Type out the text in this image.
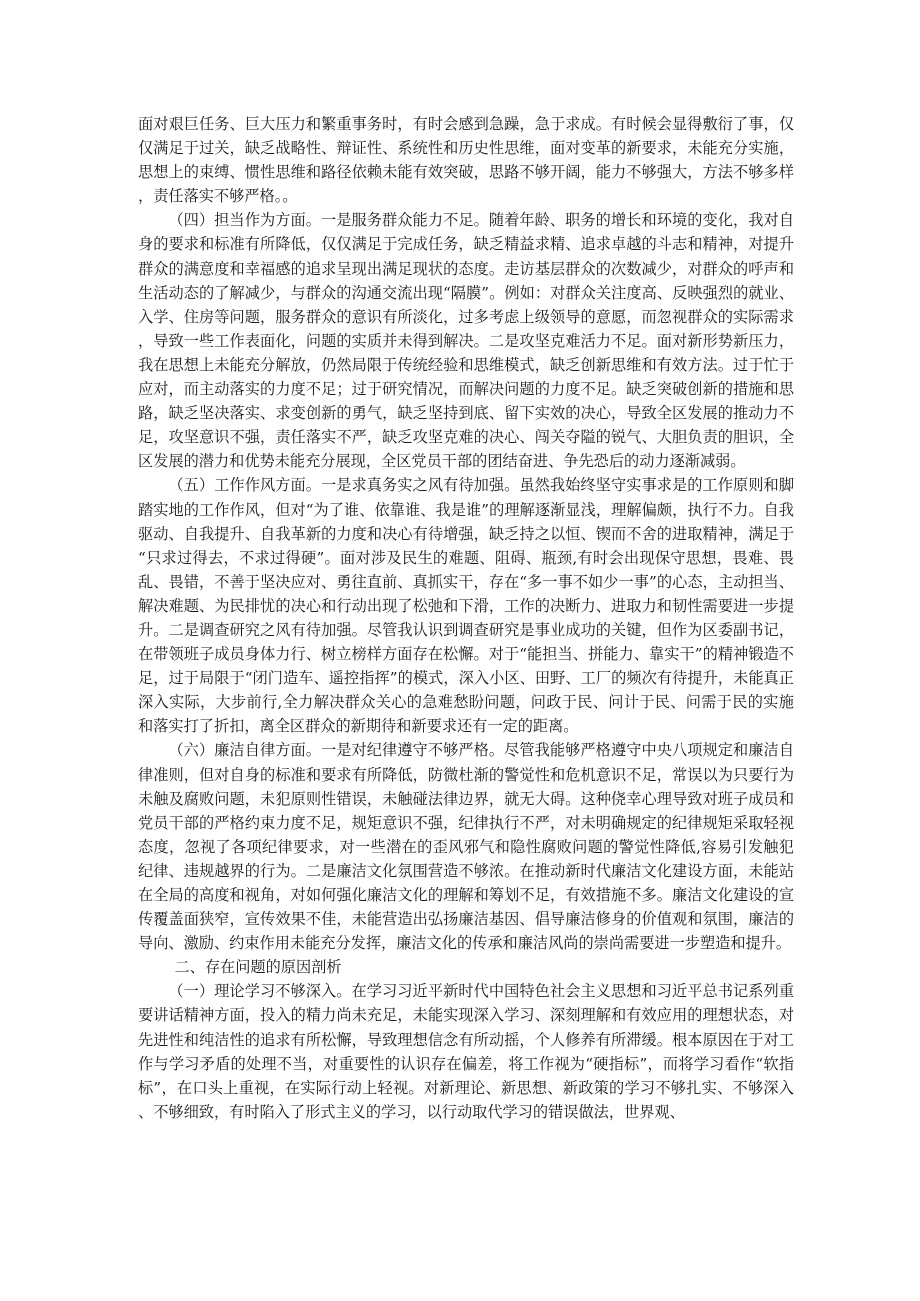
面对艰巨任务、巨大压力和繁重事务时，有时会感到急躁，急于求成。有时候会显得敷衍了事，仅仅满足于过关，缺乏战略性、辩证性、系统性和历史性思维，面对变革的新要求，未能充分实施，思想上的束缚、惯性思维和路径依赖未能有效突破，思路不够开阔，能力不够强大，方法不够多样，责任落实不够严格。。

（四）担当作为方面。一是服务群众能力不足。随着年龄、职务的增长和环境的变化，我对自身的要求和标准有所降低，仅仅满足于完成任务，缺乏精益求精、追求卓越的斗志和精神，对提升群众的满意度和幸福感的追求呈现出满足现状的态度。走访基层群众的次数减少，对群众的呼声和生活动态的了解减少，与群众的沟通交流出现“隔膜”。例如：对群众关注度高、反映强烈的就业、入学、住房等问题，服务群众的意识有所淡化，过多考虑上级领导的意愿，而忽视群众的实际需求，导致一些工作表面化，问题的实质并未得到解决。二是攻坚克难活力不足。面对新形势新压力，我在思想上未能充分解放，仍然局限于传统经验和思维模式，缺乏创新思维和有效方法。过于忙于应对，而主动落实的力度不足；过于研究情况，而解决问题的力度不足。缺乏突破创新的措施和思路，缺乏坚决落实、求变创新的勇气，缺乏坚持到底、留下实效的决心，导致全区发展的推动力不足，攻坚意识不强，责任落实不严，缺乏攻坚克难的决心、闯关夺隘的锐气、大胆负责的胆识，全区发展的潜力和优势未能充分展现，全区党员干部的团结奋进、争先恐后的动力逐渐减弱。

（五）工作作风方面。一是求真务实之风有待加强。虽然我始终坚守实事求是的工作原则和脚踏实地的工作作风，但对“为了谁、依靠谁、我是谁”的理解逐渐显浅，理解偏颇，执行不力。自我驱动、自我提升、自我革新的力度和决心有待增强，缺乏持之以恒、锲而不舍的进取精神，满足于“只求过得去，不求过得硬”。面对涉及民生的难题、阻碍、瓶颈,有时会出现保守思想，畏难、畏乱、畏错，不善于坚决应对、勇往直前、真抓实干，存在“多一事不如少一事”的心态，主动担当、解决难题、为民排忧的决心和行动出现了松弛和下滑，工作的决断力、进取力和韧性需要进一步提升。二是调查研究之风有待加强。尽管我认识到调查研究是事业成功的关键，但作为区委副书记，在带领班子成员身体力行、树立榜样方面存在松懈。对于“能担当、拼能力、靠实干”的精神锻造不足，过于局限于“闭门造车、遥控指挥”的模式，深入小区、田野、工厂的频次有待提升，未能真正深入实际，大步前行,全力解决群众关心的急难愁盼问题，问政于民、问计于民、问需于民的实施和落实打了折扣，离全区群众的新期待和新要求还有一定的距离。

（六）廉洁自律方面。一是对纪律遵守不够严格。尽管我能够严格遵守中央八项规定和廉洁自律准则，但对自身的标准和要求有所降低，防微杜渐的警觉性和危机意识不足，常误以为只要行为未触及腐败问题，未犯原则性错误，未触碰法律边界，就无大碍。这种侥幸心理导致对班子成员和党员干部的严格约束力度不足，规矩意识不强，纪律执行不严，对未明确规定的纪律规矩采取轻视态度，忽视了各项纪律要求，对一些潜在的歪风邪气和隐性腐败问题的警觉性降低,容易引发触犯纪律、违规越界的行为。二是廉洁文化氛围营造不够浓。在推动新时代廉洁文化建设方面，未能站在全局的高度和视角，对如何强化廉洁文化的理解和筹划不足，有效措施不多。廉洁文化建设的宣传覆盖面狭窄，宣传效果不佳，未能营造出弘扬廉洁基因、倡导廉洁修身的价值观和氛围，廉洁的导向、激励、约束作用未能充分发挥，廉洁文化的传承和廉洁风尚的崇尚需要进一步塑造和提升。

二、存在问题的原因剖析

（一）理论学习不够深入。在学习习近平新时代中国特色社会主义思想和习近平总书记系列重要讲话精神方面，投入的精力尚未充足，未能实现深入学习、深刻理解和有效应用的理想状态，对先进性和纯洁性的追求有所松懈，导致理想信念有所动摇，个人修养有所滞缓。根本原因在于对工作与学习矛盾的处理不当，对重要性的认识存在偏差，将工作视为“硬指标”，而将学习看作“软指标”，在口头上重视，在实际行动上轻视。对新理论、新思想、新政策的学习不够扎实、不够深入、不够细致，有时陷入了形式主义的学习，以行动取代学习的错误做法，世界观、
